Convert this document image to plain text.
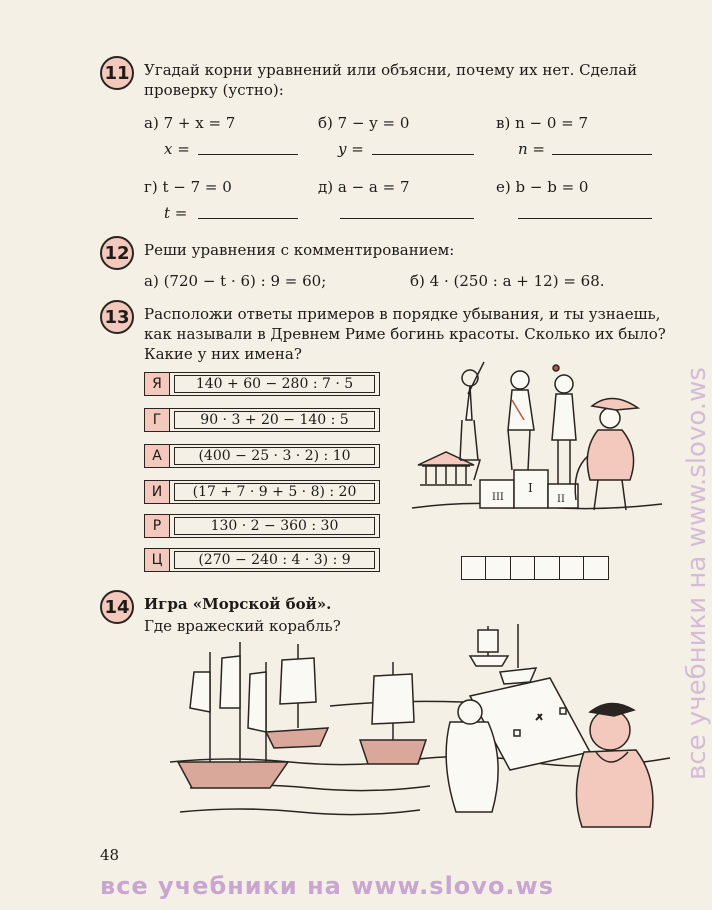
11 Угадай корни уравнений или объясни, почему их нет. Сделай
проверку (устно):
а) 7 + x = 7	б) 7 − y = 0	в) n − 0 = 7
x =	y =	n =
г) t − 7 = 0	д) a − a = 7	е) b − b = 0
t =
12 Реши уравнения с комментированием:
а) (720 − t · 6) : 9 = 60;	б) 4 · (250 : a + 12) = 68.
13 Расположи ответы примеров в порядке убывания, и ты узнаешь,
как называли в Древнем Риме богинь красоты. Сколько их было?
Какие у них имена?
Я	140 + 60 − 280 : 7 · 5
Г	90 · 3 + 20 − 140 : 5
А	(400 − 25 · 3 · 2) : 10
И	(17 + 7 · 9 + 5 · 8) : 20
Р	130 · 2 − 360 : 30
Ц	(270 − 240 : 4 · 3) : 9
III
I
II
14 Игра «Морской бой».
Где вражеский корабль?
48
все учебники на www.slovo.ws
все учебники на www.slovo.ws
